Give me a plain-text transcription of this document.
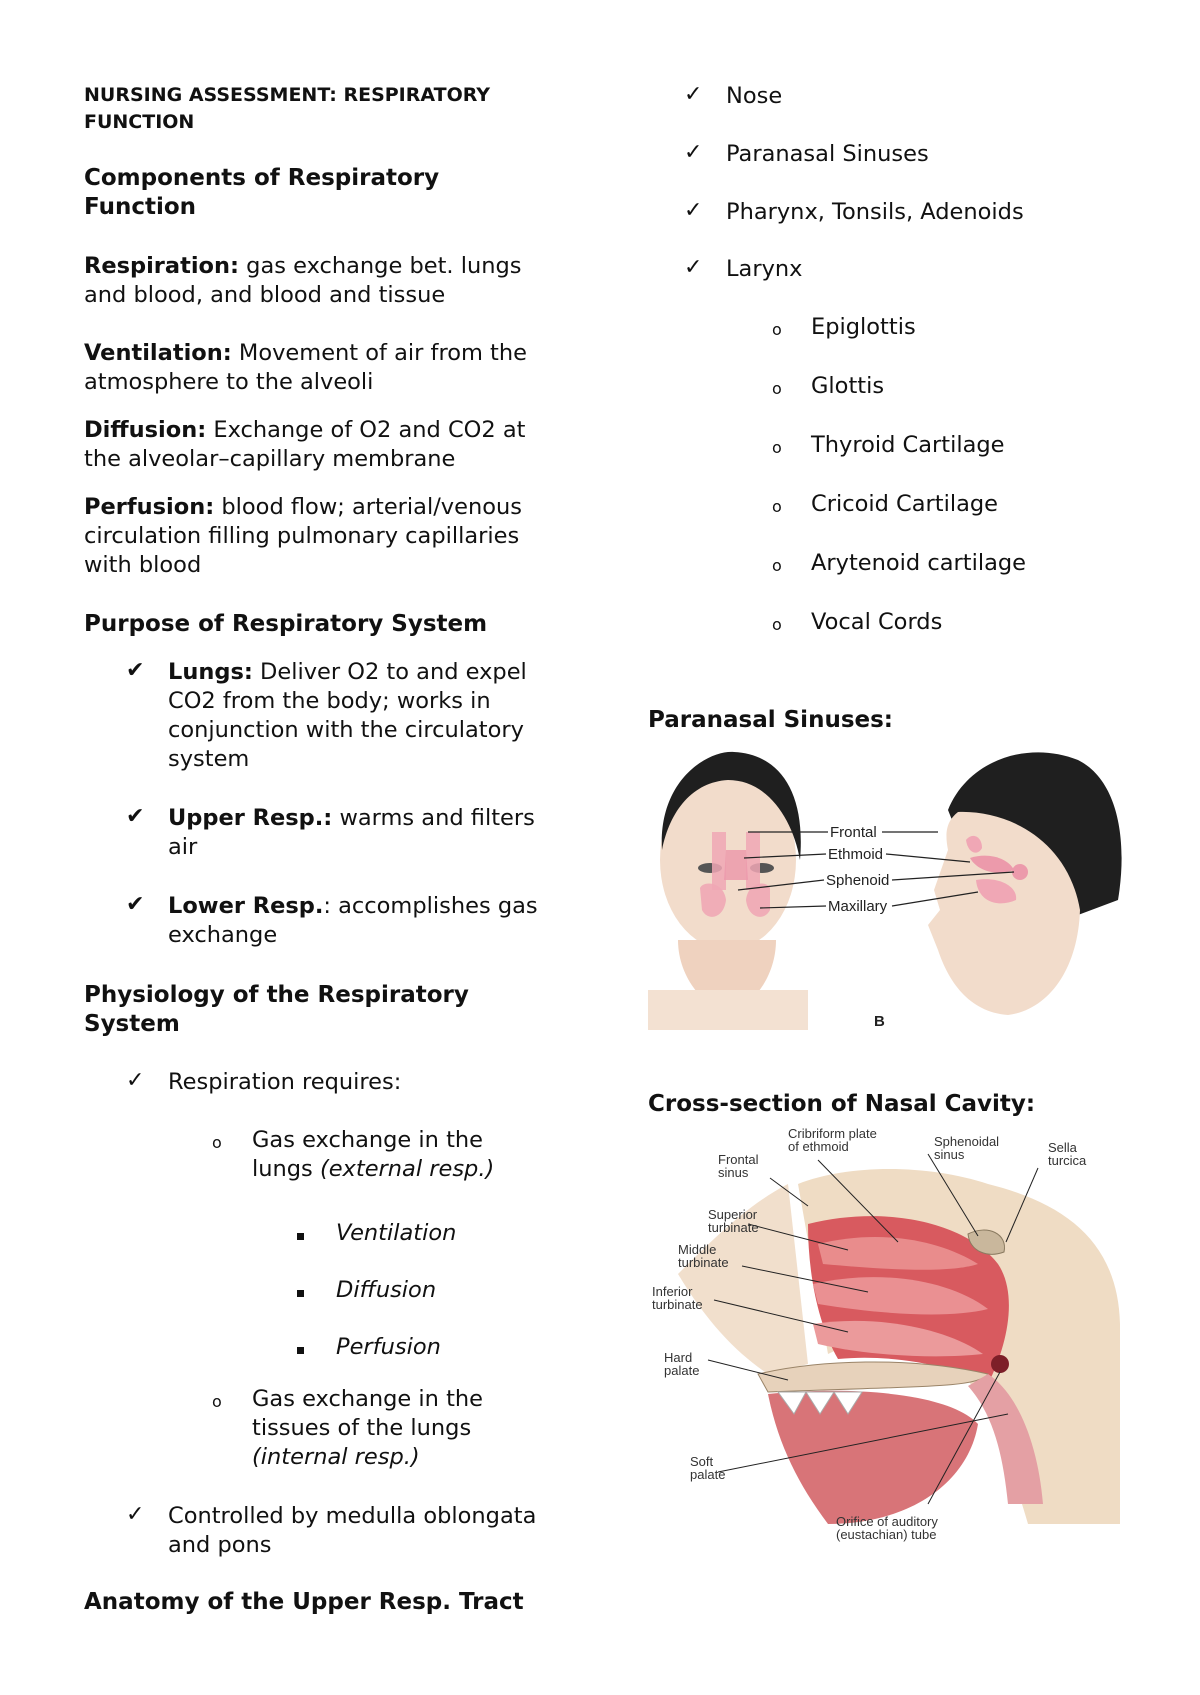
NURSING ASSESSMENT: RESPIRATORY FUNCTION
Components of Respiratory Function
Respiration: gas exchange bet. lungs and blood, and blood and tissue
Ventilation: Movement of air from the atmosphere to the alveoli
Diffusion: Exchange of O2 and CO2 at the alveolar–capillary membrane
Perfusion: blood flow; arterial/venous circulation filling pulmonary capillaries with blood
Purpose of Respiratory System
✔ Lungs: Deliver O2 to and expel CO2 from the body; works in conjunction with the circulatory system
✔ Upper Resp.: warms and filters air
✔ Lower Resp.: accomplishes gas exchange
Physiology of the Respiratory System
✓ Respiration requires:
o Gas exchange in the lungs (external resp.)
Ventilation
Diffusion
Perfusion
o Gas exchange in the tissues of the lungs (internal resp.)
✓ Controlled by medulla oblongata and pons
Anatomy of the Upper Resp. Tract
✓ Nose
✓ Paranasal Sinuses
✓ Pharynx, Tonsils, Adenoids
✓ Larynx
o Epiglottis
o Glottis
o Thyroid Cartilage
o Cricoid Cartilage
o Arytenoid cartilage
o Vocal Cords
Paranasal Sinuses:
Frontal
Ethmoid
Sphenoid
Maxillary
B
Cross-section of Nasal Cavity:
Cribriform plate
of ethmoid	Sphenoidal
sinus	Sella
turcica
Frontal
sinus
Superior
turbinate
Middle
turbinate
Inferior
turbinate
Hard
palate
Soft
palate
Orifice of auditory
(eustachian) tube
